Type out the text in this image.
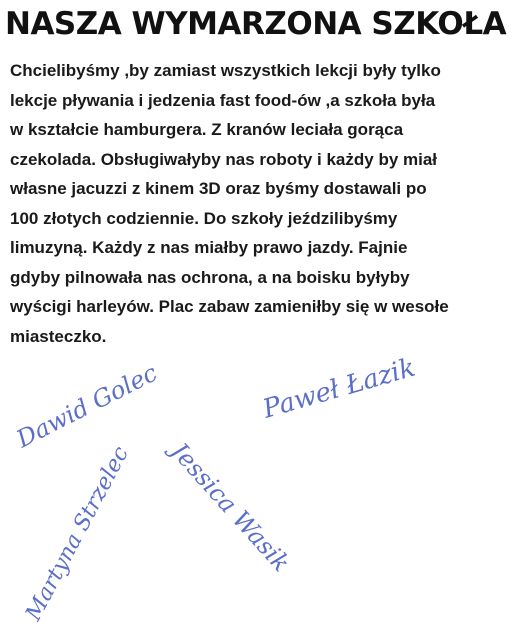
NASZA WYMARZONA SZKOŁA
Chcielibyśmy ,by zamiast wszystkich lekcji były tylko
lekcje pływania i jedzenia fast food-ów ,a szkoła była
w kształcie hamburgera. Z kranów leciała gorąca
czekolada. Obsługiwałyby nas roboty i każdy by miał
własne jacuzzi z kinem 3D oraz byśmy dostawali po
100 złotych codziennie. Do szkoły jeździlibyśmy
limuzyną. Każdy z nas miałby prawo jazdy. Fajnie
gdyby pilnowała nas ochrona, a na boisku byłyby
wyścigi harleyów. Plac zabaw zamieniłby się w wesołe
miasteczko.
Dawid Golec	Paweł Łazik
Jessica Wasik
Martyna Strzelec
